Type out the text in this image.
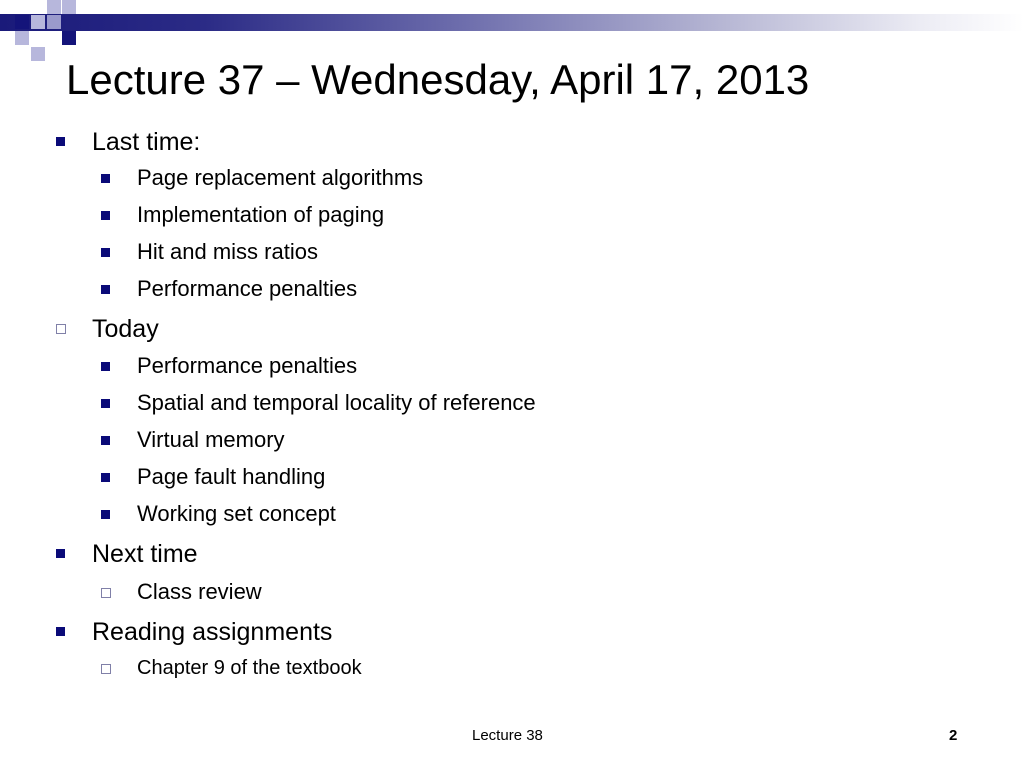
Lecture 37 – Wednesday, April 17, 2013
Last time:
Page replacement algorithms
Implementation of paging
Hit and miss ratios
Performance penalties
Today
Performance penalties
Spatial and temporal locality of reference
Virtual memory
Page fault handling
Working set concept
Next time
Class review
Reading assignments
Chapter 9 of the textbook
Lecture 38	2
